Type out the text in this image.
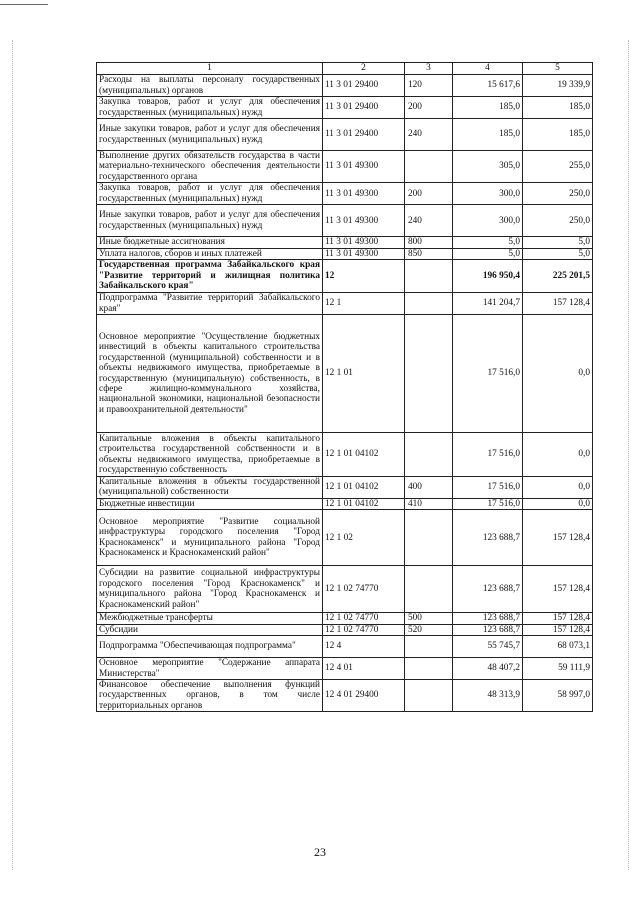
1	2	3	4	5
Расходы на выплаты персоналу государственных (муниципальных) органов	11 3 01 29400	120	15 617,6	19 339,9
Закупка товаров, работ и услуг для обеспечения государственных (муниципальных) нужд	11 3 01 29400	200	185,0	185,0
Иные закупки товаров, работ и услуг для обеспечения государственных (муниципальных) нужд	11 3 01 29400	240	185,0	185,0
Выполнение других обязательств государства в части материально-технического обеспечения деятельности государственного органа	11 3 01 49300		305,0	255,0
Закупка товаров, работ и услуг для обеспечения государственных (муниципальных) нужд	11 3 01 49300	200	300,0	250,0
Иные закупки товаров, работ и услуг для обеспечения государственных (муниципальных) нужд	11 3 01 49300	240	300,0	250,0
Иные бюджетные ассигнования	11 3 01 49300	800	5,0	5,0
Уплата налогов, сборов и иных платежей	11 3 01 49300	850	5,0	5,0
Государственная программа Забайкальского края "Развитие территорий и жилищная политика Забайкальского края"	12		196 950,4	225 201,5
Подпрограмма "Развитие территорий Забайкальского края"	12 1		141 204,7	157 128,4
Основное мероприятие "Осуществление бюджетных инвестиций в объекты капитального строительства государственной (муниципальной) собственности и в объекты недвижимого имущества, приобретаемые в государственную (муниципальную) собственность, в сфере жилищно-коммунального хозяйства, национальной экономики, национальной безопасности и правоохранительной деятельности"	12 1 01		17 516,0	0,0
Капитальные вложения в объекты капитального строительства государственной собственности и в объекты недвижимого имущества, приобретаемые в государственную собственность	12 1 01 04102		17 516,0	0,0
Капитальные вложения в объекты государственной (муниципальной) собственности	12 1 01 04102	400	17 516,0	0,0
Бюджетные инвестиции	12 1 01 04102	410	17 516,0	0,0
Основное мероприятие "Развитие социальной инфраструктуры городского поселения "Город Краснокаменск" и муниципального района "Город Краснокаменск и Краснокаменский район"	12 1 02		123 688,7	157 128,4
Субсидии на развитие социальной инфраструктуры городского поселения "Город Краснокаменск" и муниципального района "Город Краснокаменск и Краснокаменский район"	12 1 02 74770		123 688,7	157 128,4
Межбюджетные трансферты	12 1 02 74770	500	123 688,7	157 128,4
Субсидии	12 1 02 74770	520	123 688,7	157 128,4
Подпрограмма "Обеспечивающая подпрограмма"	12 4		55 745,7	68 073,1
Основное мероприятие "Содержание аппарата Министерства"	12 4 01		48 407,2	59 111,9
Финансовое обеспечение выполнения функций государственных органов, в том числе территориальных органов	12 4 01 29400		48 313,9	58 997,0
23
